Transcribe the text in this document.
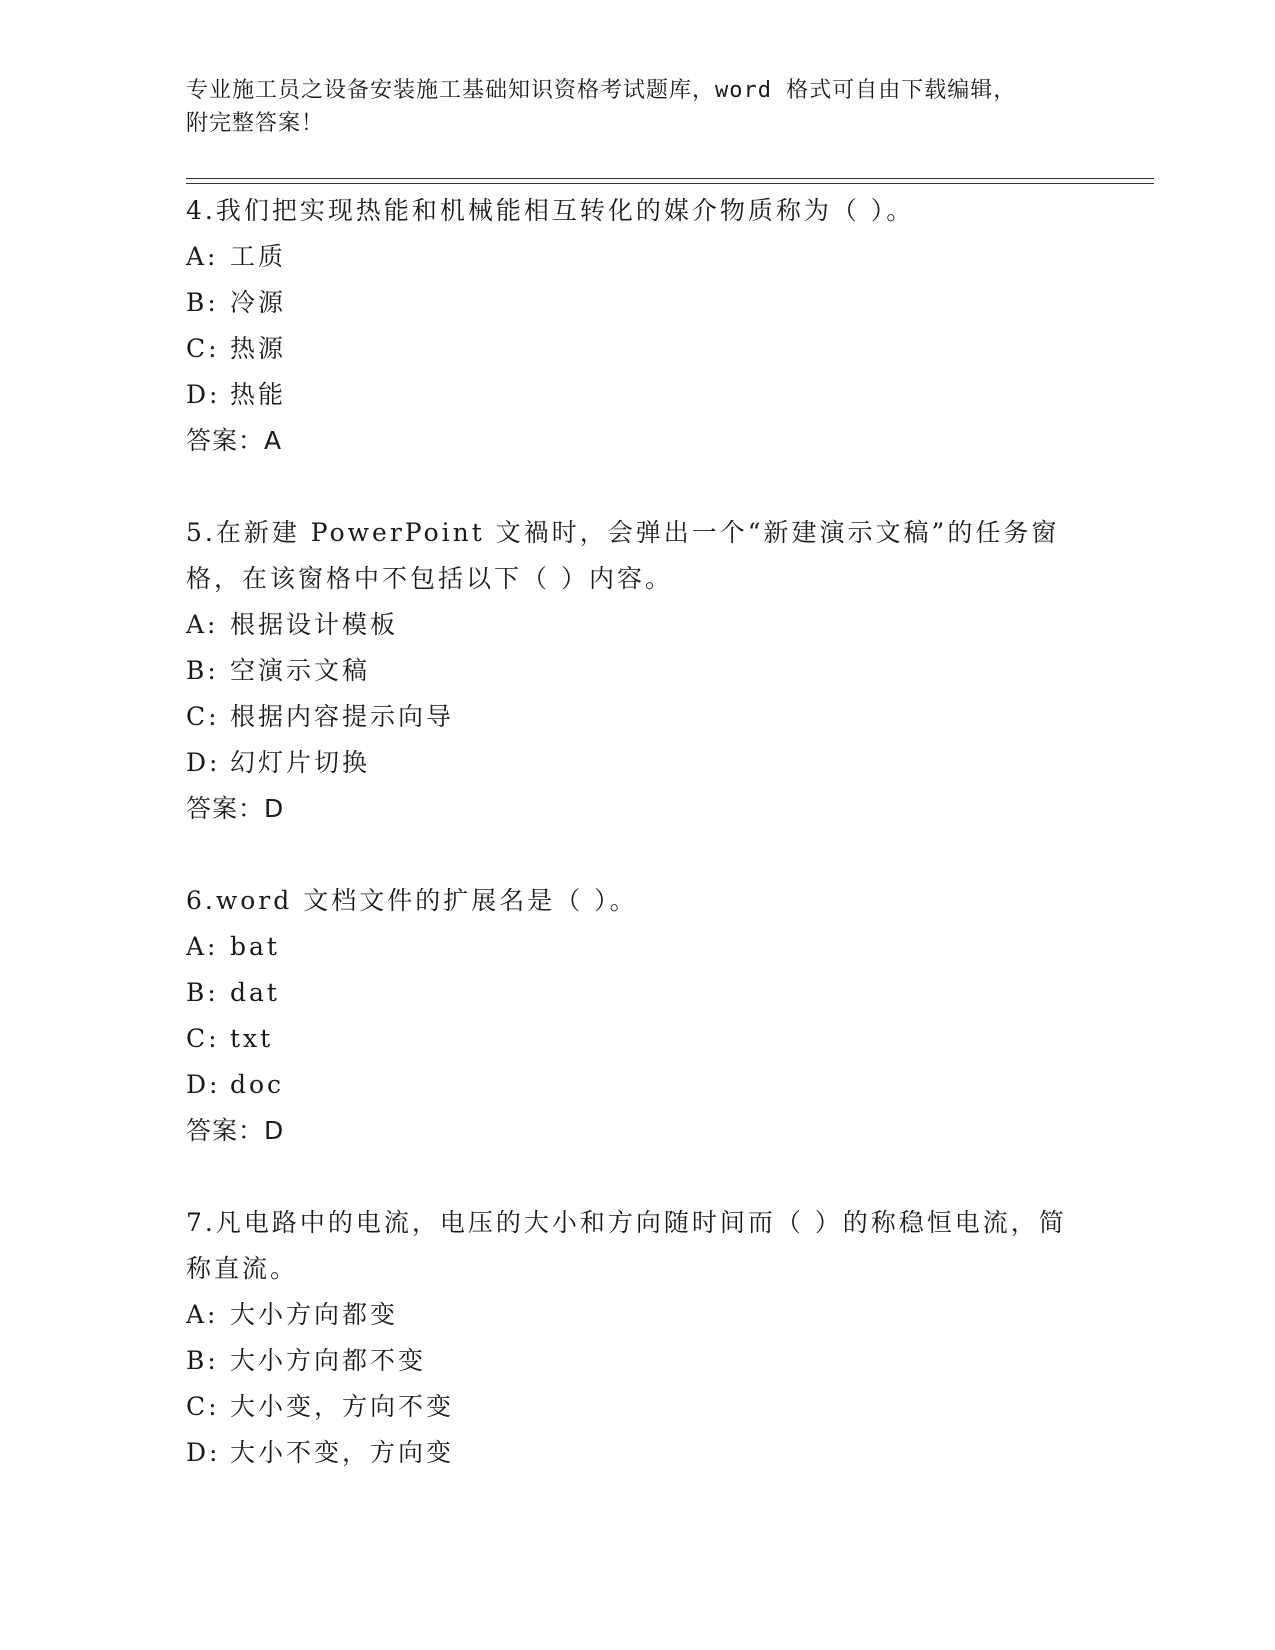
专业施工员之设备安装施工基础知识资格考试题库，word 格式可自由下载编辑，
附完整答案！

4.我们把实现热能和机械能相互转化的媒介物质称为（ ）。

A: 工质

B: 冷源

C: 热源

D: 热能

答案：A

5.在新建 PowerPoint 文禍时，会弹出一个“新建演示文稿”的任务窗格，在该窗格中不包括以下（ ）内容。

A: 根据设计模板

B: 空演示文稿

C: 根据内容提示向导

D: 幻灯片切换

答案：D

6.word 文档文件的扩展名是（ ）。

A: bat

B: dat

C: txt

D: doc

答案：D

7.凡电路中的电流，电压的大小和方向随时间而（ ）的称稳恒电流，简称直流。

A: 大小方向都变

B: 大小方向都不变

C: 大小变，方向不变

D: 大小不变，方向变
